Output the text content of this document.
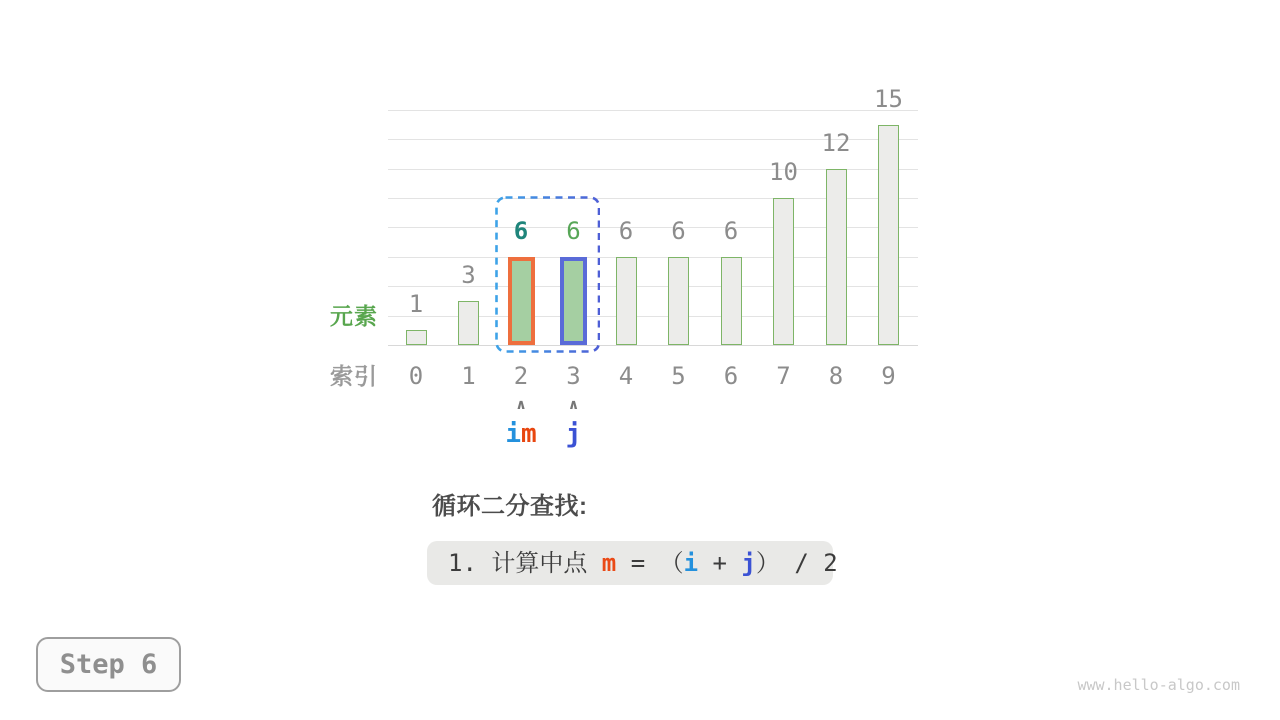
1
0
3
1
6
2
6
3
6
4
6
5
6
6
10
7
12
8
15
9
元素
索引
∧	∧
im	j
循环二分查找:
1. 计算中点 m = （i + j） / 2
Step 6
www.hello-algo.com
